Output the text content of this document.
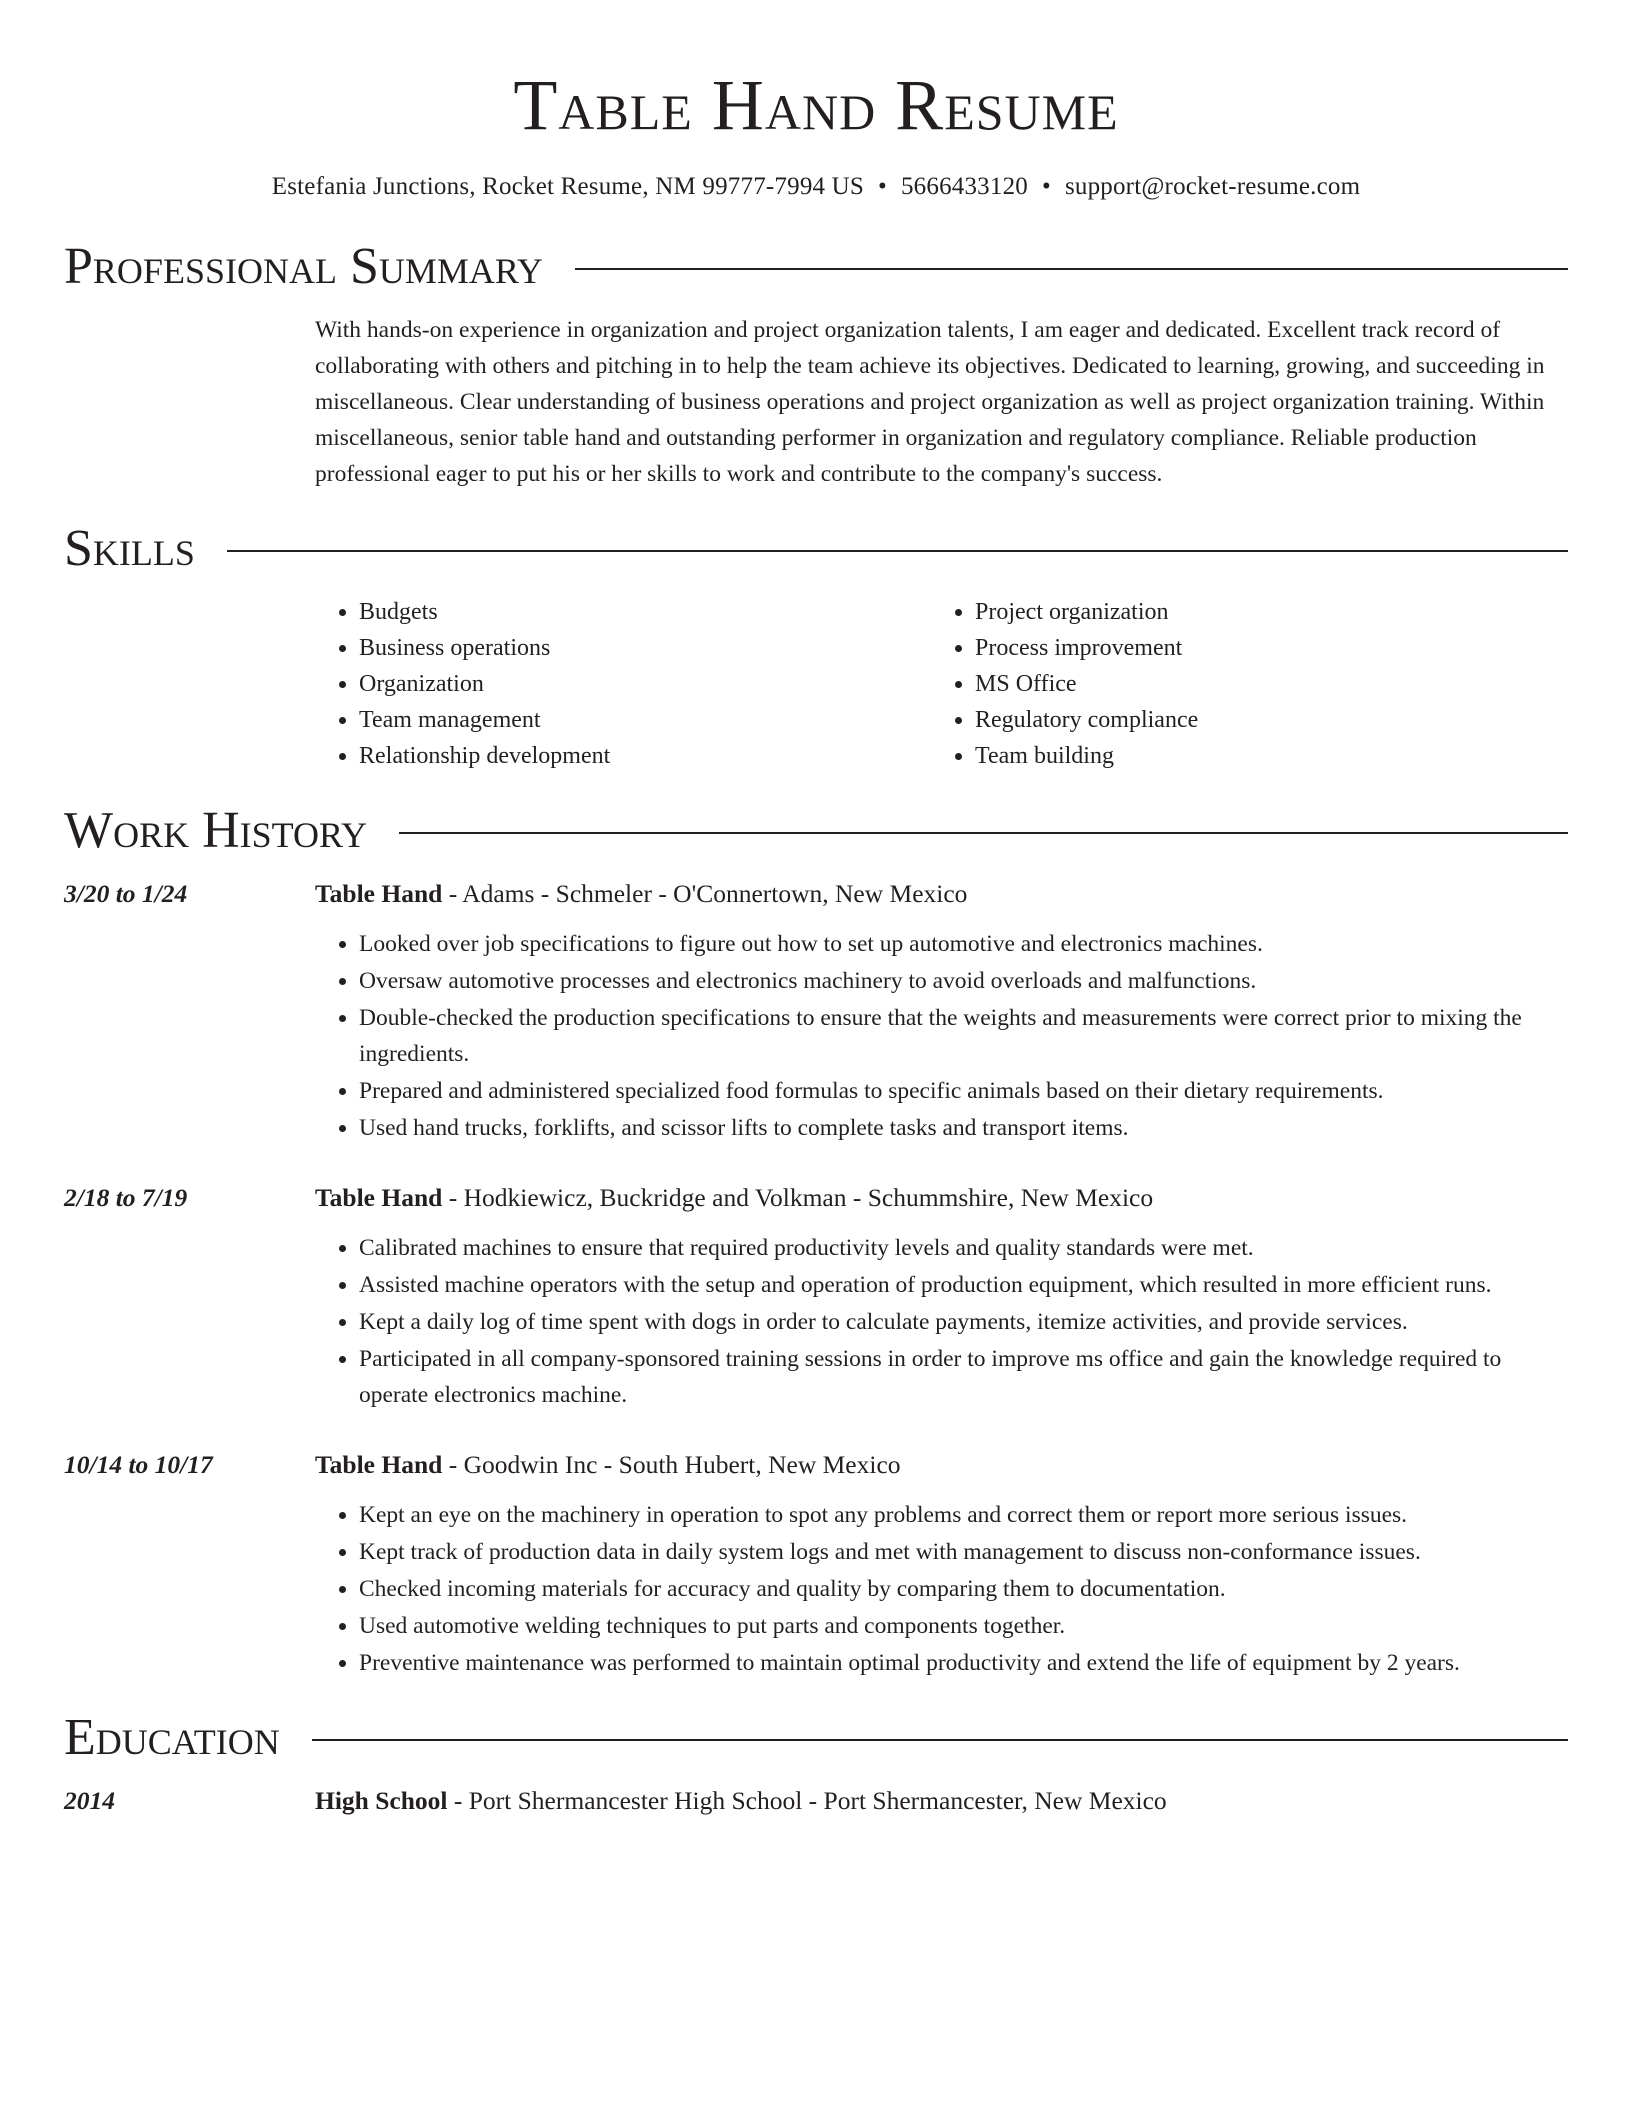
Table Hand Resume
Estefania Junctions, Rocket Resume, NM 99777-7994 US • 5666433120 • support@rocket-resume.com
Professional Summary
With hands-on experience in organization and project organization talents, I am eager and dedicated. Excellent track record of collaborating with others and pitching in to help the team achieve its objectives. Dedicated to learning, growing, and succeeding in miscellaneous. Clear understanding of business operations and project organization as well as project organization training. Within miscellaneous, senior table hand and outstanding performer in organization and regulatory compliance. Reliable production professional eager to put his or her skills to work and contribute to the company's success.
Skills
• Budgets
• Business operations
• Organization
• Team management
• Relationship development
• Project organization
• Process improvement
• MS Office
• Regulatory compliance
• Team building
Work History
3/20 to 1/24	Table Hand - Adams - Schmeler - O'Connertown, New Mexico
• Looked over job specifications to figure out how to set up automotive and electronics machines.
• Oversaw automotive processes and electronics machinery to avoid overloads and malfunctions.
• Double-checked the production specifications to ensure that the weights and measurements were correct prior to mixing the ingredients.
• Prepared and administered specialized food formulas to specific animals based on their dietary requirements.
• Used hand trucks, forklifts, and scissor lifts to complete tasks and transport items.
2/18 to 7/19	Table Hand - Hodkiewicz, Buckridge and Volkman - Schummshire, New Mexico
• Calibrated machines to ensure that required productivity levels and quality standards were met.
• Assisted machine operators with the setup and operation of production equipment, which resulted in more efficient runs.
• Kept a daily log of time spent with dogs in order to calculate payments, itemize activities, and provide services.
• Participated in all company-sponsored training sessions in order to improve ms office and gain the knowledge required to operate electronics machine.
10/14 to 10/17	Table Hand - Goodwin Inc - South Hubert, New Mexico
• Kept an eye on the machinery in operation to spot any problems and correct them or report more serious issues.
• Kept track of production data in daily system logs and met with management to discuss non-conformance issues.
• Checked incoming materials for accuracy and quality by comparing them to documentation.
• Used automotive welding techniques to put parts and components together.
• Preventive maintenance was performed to maintain optimal productivity and extend the life of equipment by 2 years.
Education
2014	High School - Port Shermancester High School - Port Shermancester, New Mexico
